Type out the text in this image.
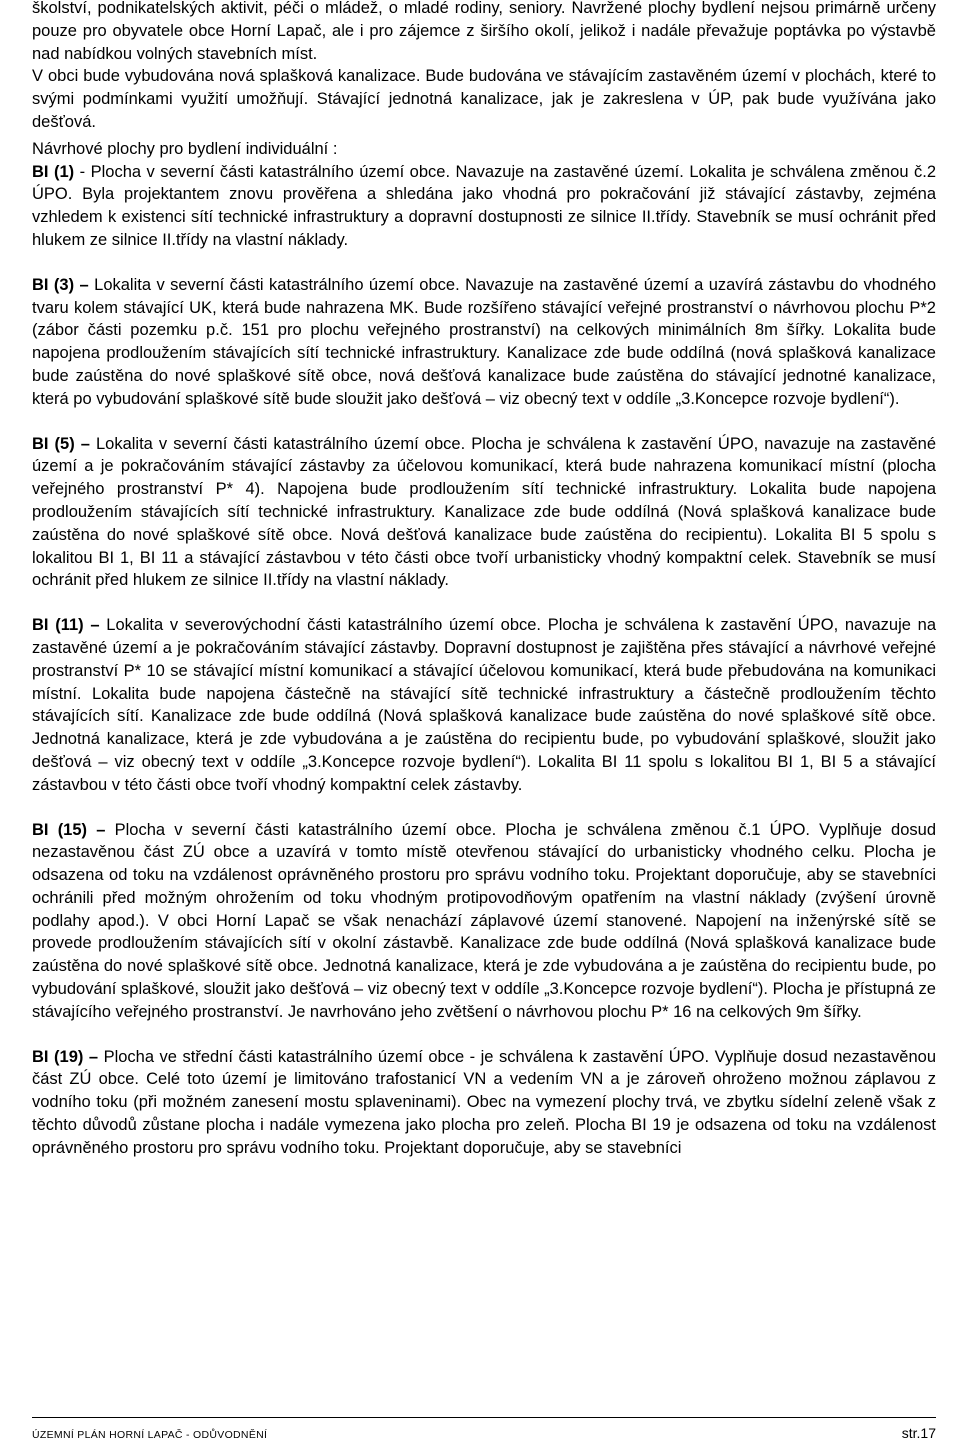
školství, podnikatelských aktivit, péči o mládež, o mladé rodiny, seniory. Navržené plochy bydlení nejsou primárně určeny pouze pro obyvatele obce Horní Lapač, ale i pro zájemce z širšího okolí, jelikož i nadále převažuje poptávka po výstavbě nad nabídkou volných stavebních míst.

V obci bude vybudována nová splašková kanalizace. Bude budována ve stávajícím zastavěném území v plochách, které to svými podmínkami využití umožňují. Stávající jednotná kanalizace, jak je zakreslena v ÚP, pak bude využívána jako dešťová.

Návrhové plochy pro bydlení individuální :

BI (1) - Plocha v severní části katastrálního území obce. Navazuje na zastavěné území. Lokalita je schválena změnou č.2 ÚPO. Byla projektantem znovu prověřena a shledána jako vhodná pro pokračování již stávající zástavby, zejména vzhledem k existenci sítí technické infrastruktury a dopravní dostupnosti ze silnice II.třídy. Stavebník se musí ochránit před hlukem ze silnice II.třídy na vlastní náklady.

BI (3) – Lokalita v severní části katastrálního území obce. Navazuje na zastavěné území a uzavírá zástavbu do vhodného tvaru kolem stávající UK, která bude nahrazena MK. Bude rozšířeno stávající veřejné prostranství o návrhovou plochu P*2 (zábor části pozemku p.č. 151 pro plochu veřejného prostranství) na celkových minimálních 8m šířky. Lokalita bude napojena prodloužením stávajících sítí technické infrastruktury. Kanalizace zde bude oddílná (nová splašková kanalizace bude zaústěna do nové splaškové sítě obce, nová dešťová kanalizace bude zaústěna do stávající jednotné kanalizace, která po vybudování splaškové sítě bude sloužit jako dešťová – viz obecný text v oddíle „3.Koncepce rozvoje bydlení“).

BI (5) – Lokalita v severní části katastrálního území obce. Plocha je schválena k zastavění ÚPO, navazuje na zastavěné území a je pokračováním stávající zástavby za účelovou komunikací, která bude nahrazena komunikací místní (plocha veřejného prostranství P* 4). Napojena bude prodloužením sítí technické infrastruktury. Lokalita bude napojena prodloužením stávajících sítí technické infrastruktury. Kanalizace zde bude oddílná (Nová splašková kanalizace bude zaústěna do nové splaškové sítě obce. Nová dešťová kanalizace bude zaústěna do recipientu). Lokalita BI 5 spolu s lokalitou BI 1, BI 11 a stávající zástavbou v této části obce tvoří urbanisticky vhodný kompaktní celek. Stavebník se musí ochránit před hlukem ze silnice II.třídy na vlastní náklady.

BI (11) – Lokalita v severovýchodní části katastrálního území obce. Plocha je schválena k zastavění ÚPO, navazuje na zastavěné území a je pokračováním stávající zástavby. Dopravní dostupnost je zajištěna přes stávající a návrhové veřejné prostranství P* 10 se stávající místní komunikací a stávající účelovou komunikací, která bude přebudována na komunikaci místní. Lokalita bude napojena částečně na stávající sítě technické infrastruktury a částečně prodloužením těchto stávajících sítí. Kanalizace zde bude oddílná (Nová splašková kanalizace bude zaústěna do nové splaškové sítě obce. Jednotná kanalizace, která je zde vybudována a je zaústěna do recipientu bude, po vybudování splaškové, sloužit jako dešťová – viz obecný text v oddíle „3.Koncepce rozvoje bydlení“). Lokalita BI 11 spolu s lokalitou BI 1, BI 5 a stávající zástavbou v této části obce tvoří vhodný kompaktní celek zástavby.

BI (15) – Plocha v severní části katastrálního území obce. Plocha je schválena změnou č.1 ÚPO. Vyplňuje dosud nezastavěnou část ZÚ obce a uzavírá v tomto místě otevřenou stávající do urbanisticky vhodného celku. Plocha je odsazena od toku na vzdálenost oprávněného prostoru pro správu vodního toku. Projektant doporučuje, aby se stavebníci ochránili před možným ohrožením od toku vhodným protipovodňovým opatřením na vlastní náklady (zvýšení úrovně podlahy apod.). V obci Horní Lapač se však nenachází záplavové území stanovené. Napojení na inženýrské sítě se provede prodloužením stávajících sítí v okolní zástavbě. Kanalizace zde bude oddílná (Nová splašková kanalizace bude zaústěna do nové splaškové sítě obce. Jednotná kanalizace, která je zde vybudována a je zaústěna do recipientu bude, po vybudování splaškové, sloužit jako dešťová – viz obecný text v oddíle „3.Koncepce rozvoje bydlení“). Plocha je přístupná ze stávajícího veřejného prostranství. Je navrhováno jeho zvětšení o návrhovou plochu P* 16 na celkových 9m šířky.

BI (19) – Plocha ve střední části katastrálního území obce - je schválena k zastavění ÚPO. Vyplňuje dosud nezastavěnou část ZÚ obce. Celé toto území je limitováno trafostanicí VN a vedením VN a je zároveň ohroženo možnou záplavou z vodního toku (při možném zanesení mostu splaveninami). Obec na vymezení plochy trvá, ve zbytku sídelní zeleně však z těchto důvodů zůstane plocha i nadále vymezena jako plocha pro zeleň. Plocha BI 19 je odsazena od toku na vzdálenost oprávněného prostoru pro správu vodního toku. Projektant doporučuje, aby se stavebníci

ÚZEMNÍ PLÁN HORNÍ LAPAČ - ODŮVODNĚNÍ	str.17
